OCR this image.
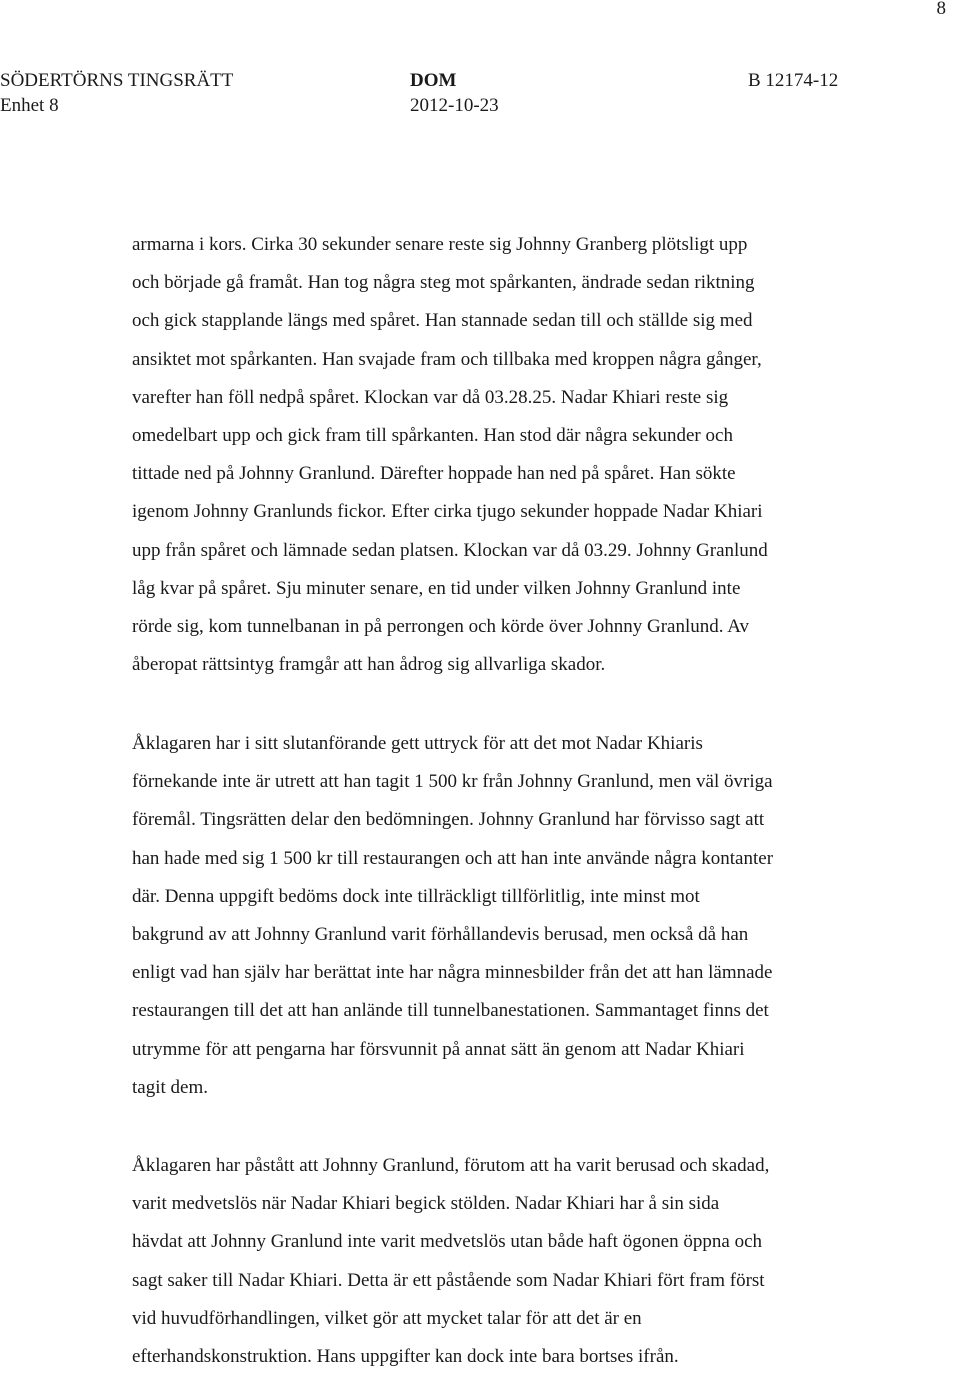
8
SÖDERTÖRNS TINGSRÄTT
Enhet 8
DOM
2012-10-23
B 12174-12
armarna i kors. Cirka 30 sekunder senare reste sig Johnny Granberg plötsligt upp
och började gå framåt. Han tog några steg mot spårkanten, ändrade sedan riktning
och gick stapplande längs med spåret. Han stannade sedan till och ställde sig med
ansiktet mot spårkanten. Han svajade fram och tillbaka med kroppen några gånger,
varefter han föll nedpå spåret. Klockan var då 03.28.25. Nadar Khiari reste sig
omedelbart upp och gick fram till spårkanten. Han stod där några sekunder och
tittade ned på Johnny Granlund. Därefter hoppade han ned på spåret. Han sökte
igenom Johnny Granlunds fickor. Efter cirka tjugo sekunder hoppade Nadar Khiari
upp från spåret och lämnade sedan platsen. Klockan var då 03.29. Johnny Granlund
låg kvar på spåret. Sju minuter senare, en tid under vilken Johnny Granlund inte
rörde sig, kom tunnelbanan in på perrongen och körde över Johnny Granlund. Av
åberopat rättsintyg framgår att han ådrog sig allvarliga skador.
Åklagaren har i sitt slutanförande gett uttryck för att det mot Nadar Khiaris
förnekande inte är utrett att han tagit 1 500 kr från Johnny Granlund, men väl övriga
föremål. Tingsrätten delar den bedömningen. Johnny Granlund har förvisso sagt att
han hade med sig 1 500 kr till restaurangen och att han inte använde några kontanter
där. Denna uppgift bedöms dock inte tillräckligt tillförlitlig, inte minst mot
bakgrund av att Johnny Granlund varit förhållandevis berusad, men också då han
enligt vad han själv har berättat inte har några minnesbilder från det att han lämnade
restaurangen till det att han anlände till tunnelbanestationen. Sammantaget finns det
utrymme för att pengarna har försvunnit på annat sätt än genom att Nadar Khiari
tagit dem.
Åklagaren har påstått att Johnny Granlund, förutom att ha varit berusad och skadad,
varit medvetslös när Nadar Khiari begick stölden. Nadar Khiari har å sin sida
hävdat att Johnny Granlund inte varit medvetslös utan både haft ögonen öppna och
sagt saker till Nadar Khiari. Detta är ett påstående som Nadar Khiari fört fram först
vid huvudförhandlingen, vilket gör att mycket talar för att det är en
efterhandskonstruktion. Hans uppgifter kan dock inte bara bortses ifrån.
